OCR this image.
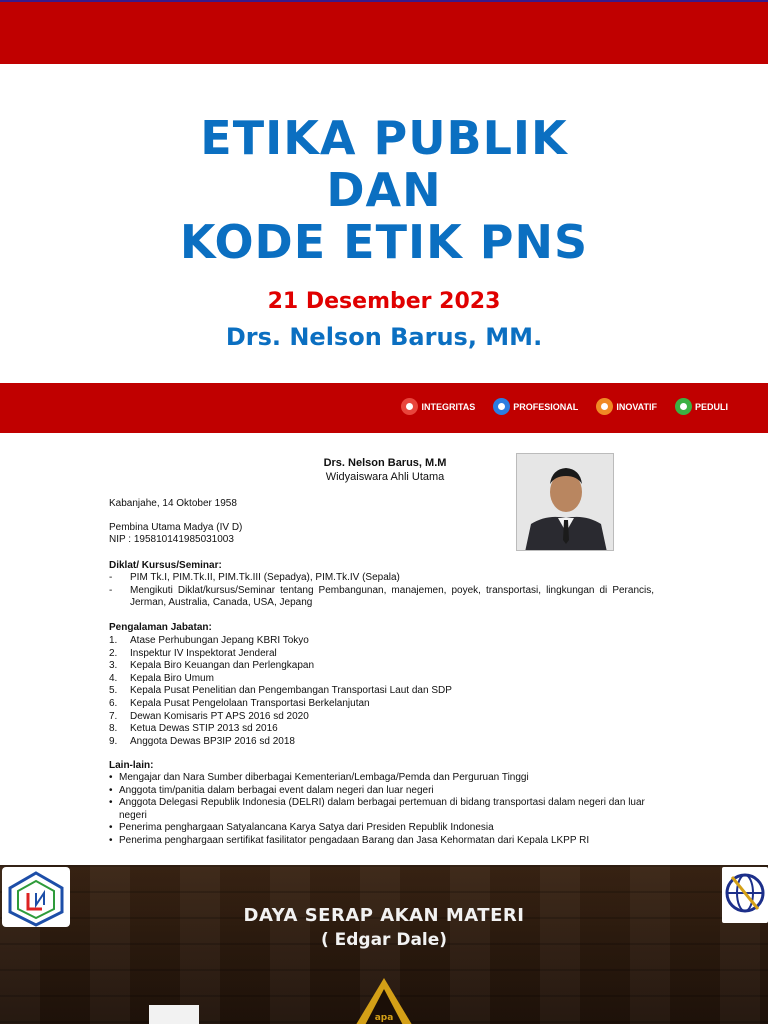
ETIKA PUBLIK
DAN
KODE ETIK PNS
21 Desember 2023
Drs. Nelson Barus, MM.
INTEGRITAS	PROFESIONAL	INOVATIF	PEDULI
Drs. Nelson Barus, M.M
Widyaiswara Ahli Utama
Kabanjahe, 14 Oktober 1958
Pembina Utama Madya (IV D)
NIP : 195810141985031003
Diklat/ Kursus/Seminar:
-	PIM Tk.I, PIM.Tk.II, PIM.Tk.III (Sepadya), PIM.Tk.IV (Sepala)
-	Mengikuti Diklat/kursus/Seminar tentang Pembangunan, manajemen, poyek, transportasi, lingkungan di Perancis, Jerman, Australia, Canada, USA, Jepang
Pengalaman Jabatan:
1.	Atase Perhubungan Jepang KBRI Tokyo
2.	Inspektur IV Inspektorat Jenderal
3.	Kepala Biro Keuangan dan Perlengkapan
4.	Kepala Biro Umum
5.	Kepala Pusat Penelitian dan Pengembangan Transportasi Laut dan SDP
6.	Kepala Pusat Pengelolaan Transportasi Berkelanjutan
7.	Dewan Komisaris PT APS 2016 sd 2020
8.	Ketua Dewas STIP 2013 sd 2016
9.	Anggota Dewas BP3IP 2016 sd 2018
Lain-lain:
• Mengajar dan Nara Sumber diberbagai Kementerian/Lembaga/Pemda dan Perguruan Tinggi
• Anggota tim/panitia dalam berbagai event dalam negeri dan luar negeri
• Anggota Delegasi Republik Indonesia (DELRI) dalam berbagai pertemuan di bidang transportasi dalam negeri dan luar negeri
• Penerima penghargaan Satyalancana Karya Satya dari Presiden Republik Indonesia
• Penerima penghargaan sertifikat fasilitator pengadaan Barang dan Jasa Kehormatan dari Kepala LKPP RI
DAYA SERAP AKAN MATERI
( Edgar Dale)
apa
